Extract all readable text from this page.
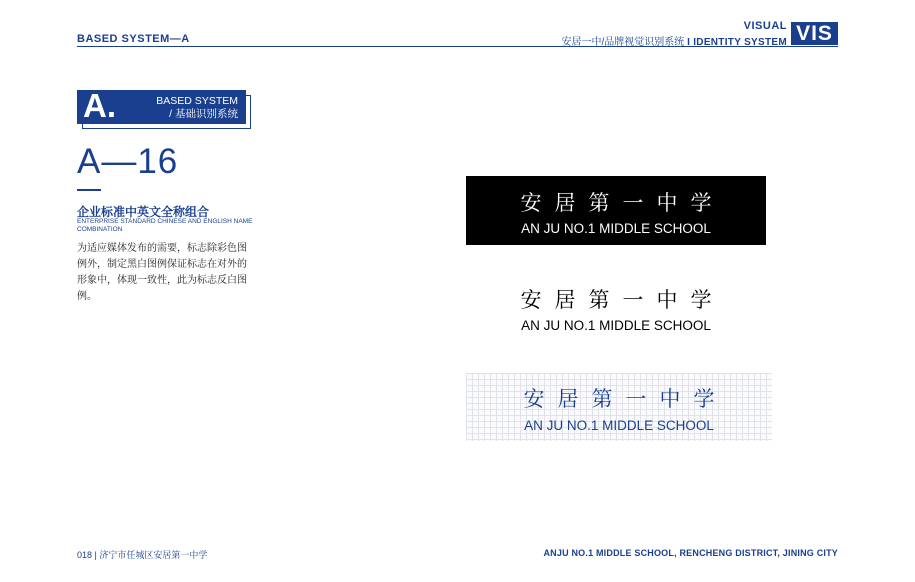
BASED SYSTEM—A
VISUAL
安居一中/品牌视觉识别系统 I IDENTITY SYSTEM VIS
A.	BASED SYSTEM
/ 基础识别系统
A—16
企业标准中英文全称组合
ENTERPRISE STANDARD CHINESE AND ENGLISH NAME COMBINATION
为适应媒体发布的需要，标志除彩色图例外，制定黑白图例保证标志在对外的形象中，体现一致性，此为标志反白图例。
安居第一中学
AN JU NO.1 MIDDLE SCHOOL
安居第一中学
AN JU NO.1 MIDDLE SCHOOL
安居第一中学
AN JU NO.1 MIDDLE SCHOOL
018 | 济宁市任城区安居第一中学	ANJU NO.1 MIDDLE SCHOOL, RENCHENG DISTRICT, JINING CITY
